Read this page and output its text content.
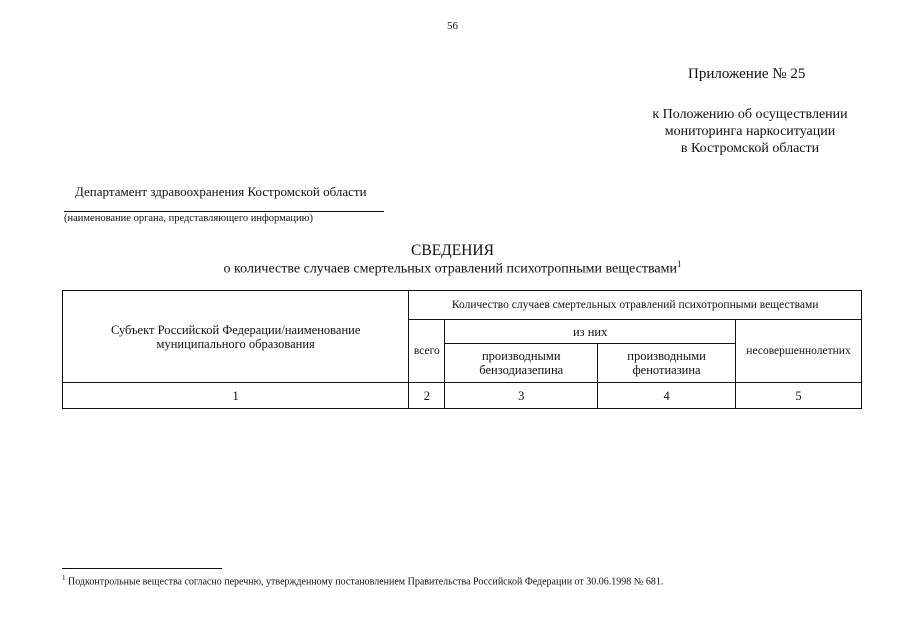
56
Приложение № 25
к Положению об осуществлении
мониторинга наркоситуации
в Костромской области
Департамент здравоохранения Костромской области
(наименование органа, представляющего информацию)
СВЕДЕНИЯ
о количестве случаев смертельных отравлений психотропными веществами$^1$
Субъект Российской Федерации/наименование муниципального образования	Количество случаев смертельных отравлений психотропными веществами			
	всего	из них		несовершеннолетних
		производными бензодиазепина	производными фенотиазина	
1	2	3	4	5
$^1$ Подконтрольные вещества согласно перечню, утвержденному постановлением Правительства Российской Федерации от 30.06.1998 № 681.
